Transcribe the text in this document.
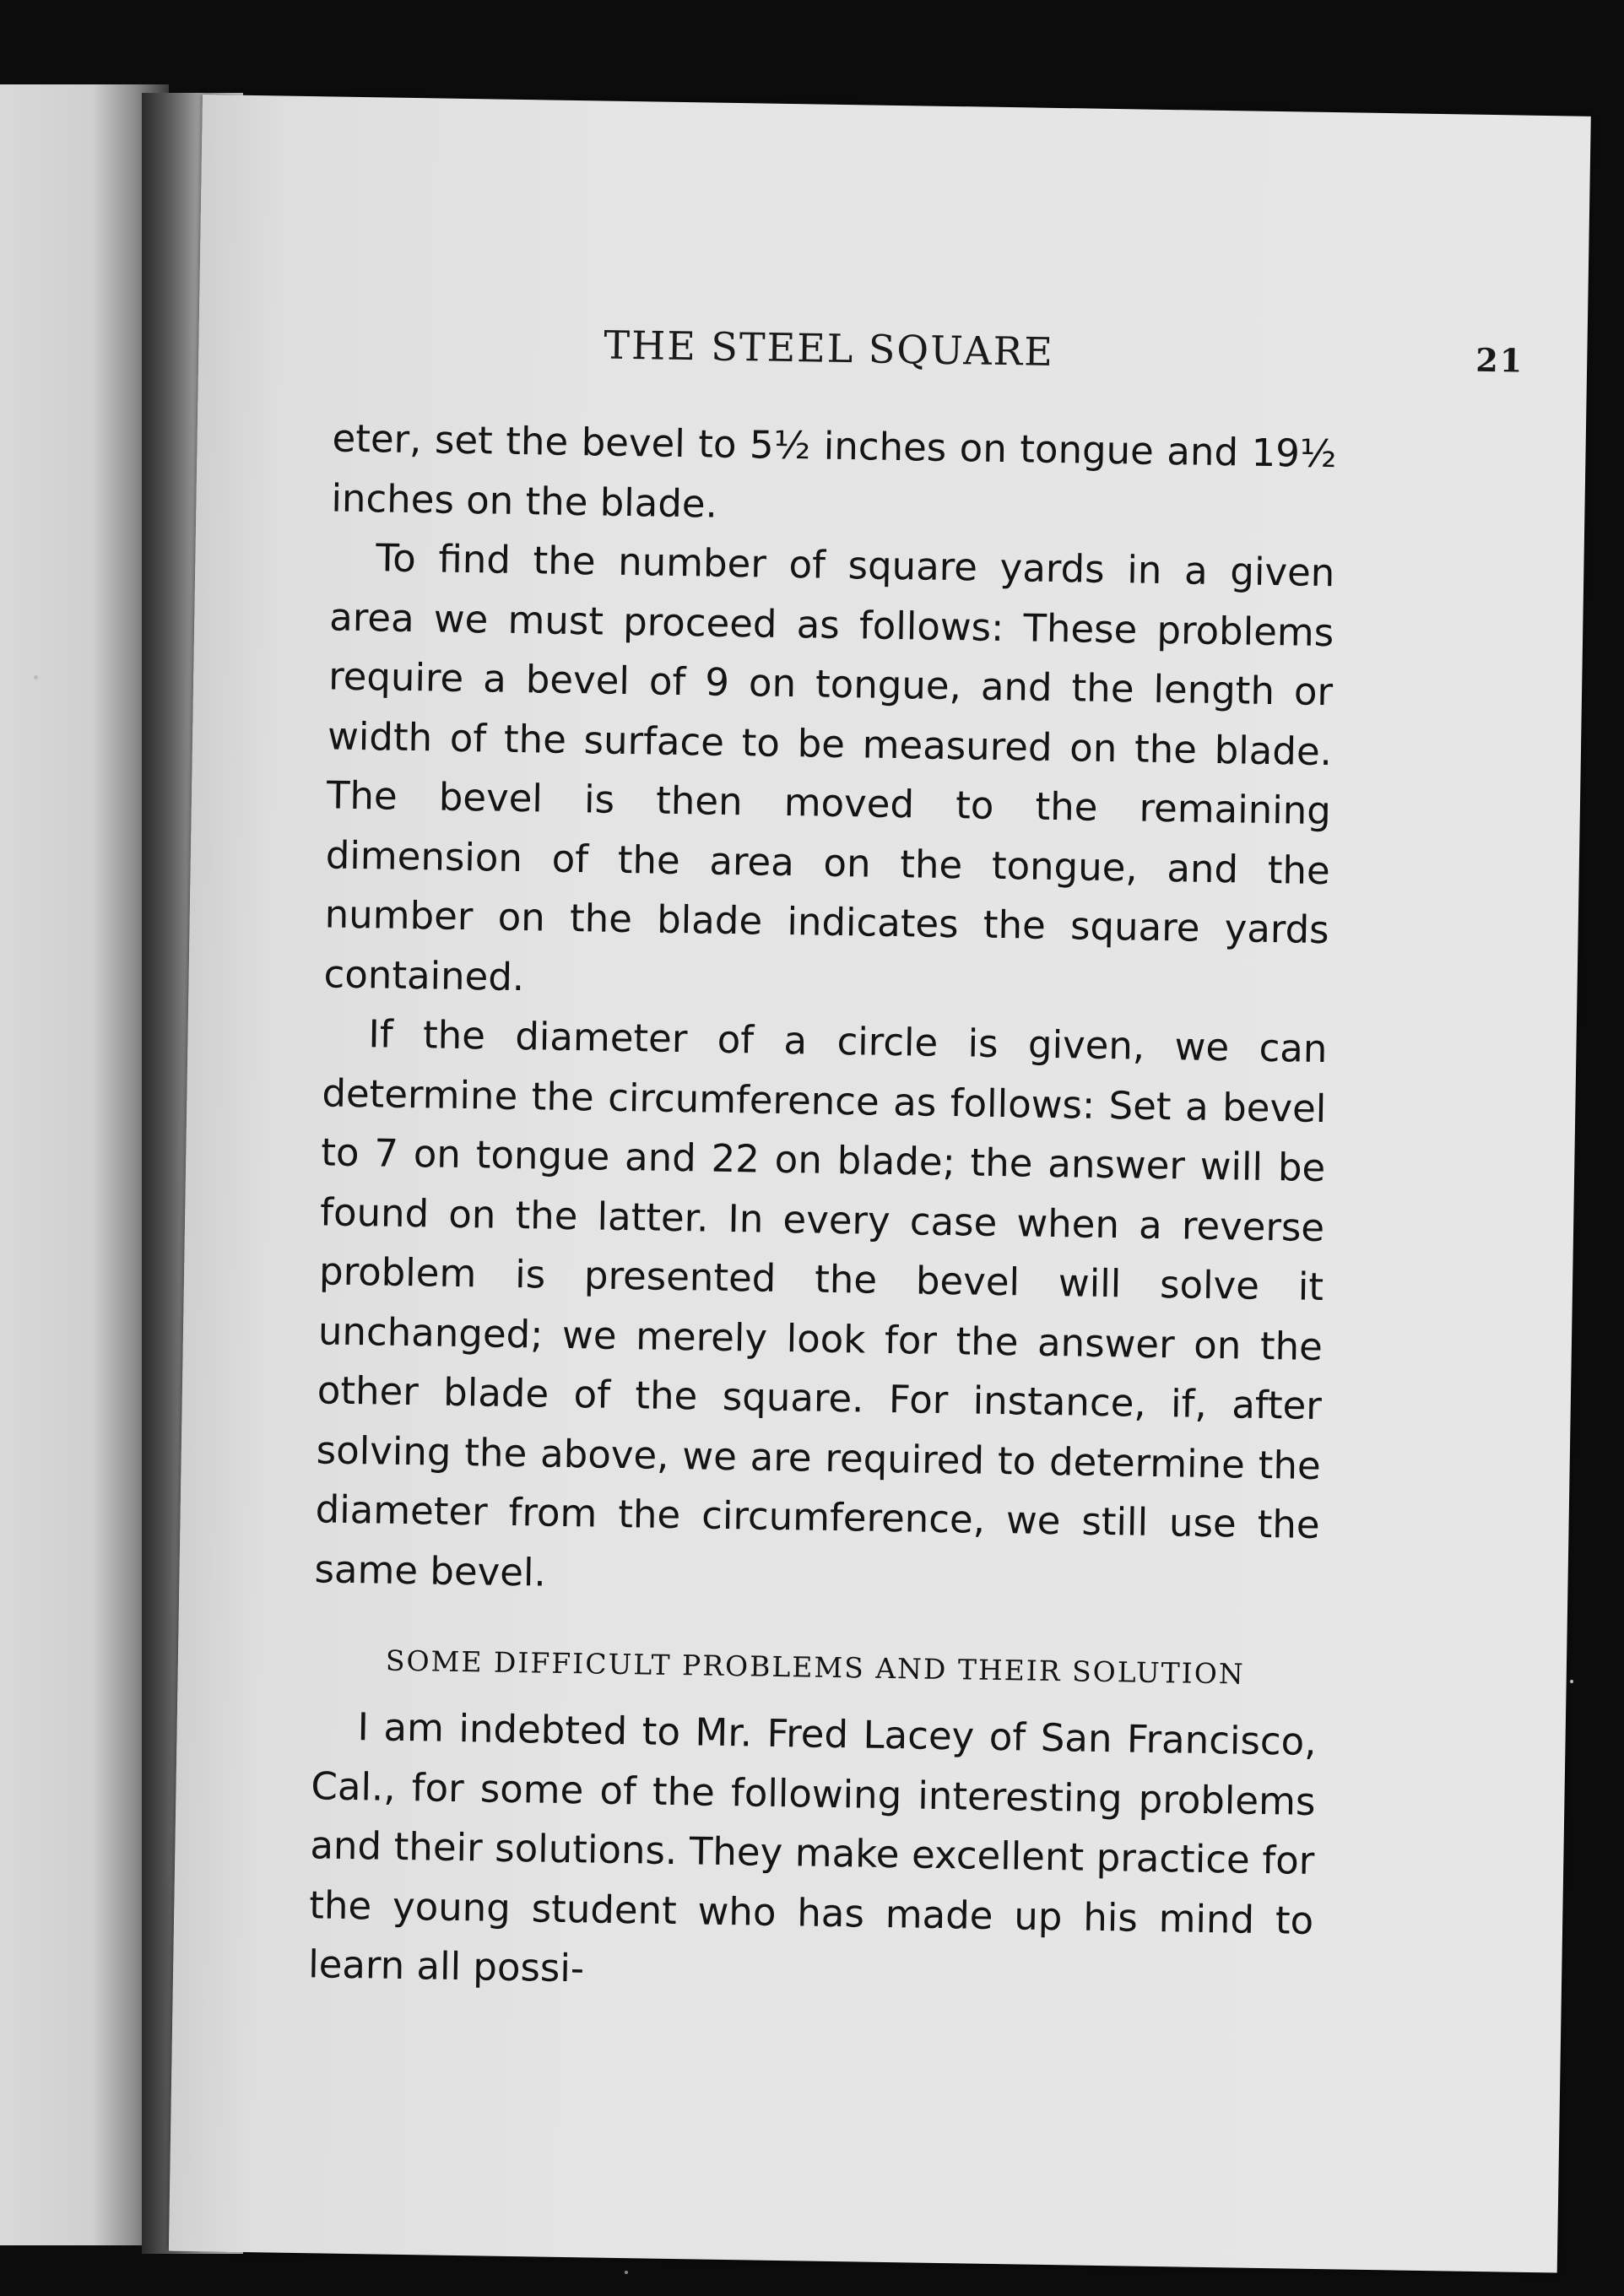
THE STEEL SQUARE	21

eter, set the bevel to 5½ inches on tongue and 19½ inches on the blade.

To find the number of square yards in a given area we must proceed as follows: These problems require a bevel of 9 on tongue, and the length or width of the surface to be measured on the blade. The bevel is then moved to the remaining dimension of the area on the tongue, and the number on the blade indicates the square yards contained.

If the diameter of a circle is given, we can determine the circumference as follows: Set a bevel to 7 on tongue and 22 on blade; the answer will be found on the latter. In every case when a reverse problem is presented the bevel will solve it unchanged; we merely look for the answer on the other blade of the square. For instance, if, after solving the above, we are required to determine the diameter from the circumference, we still use the same bevel.

SOME DIFFICULT PROBLEMS AND THEIR SOLUTION

I am indebted to Mr. Fred Lacey of San Francisco, Cal., for some of the following interesting problems and their solutions. They make excellent practice for the young student who has made up his mind to learn all possi-
